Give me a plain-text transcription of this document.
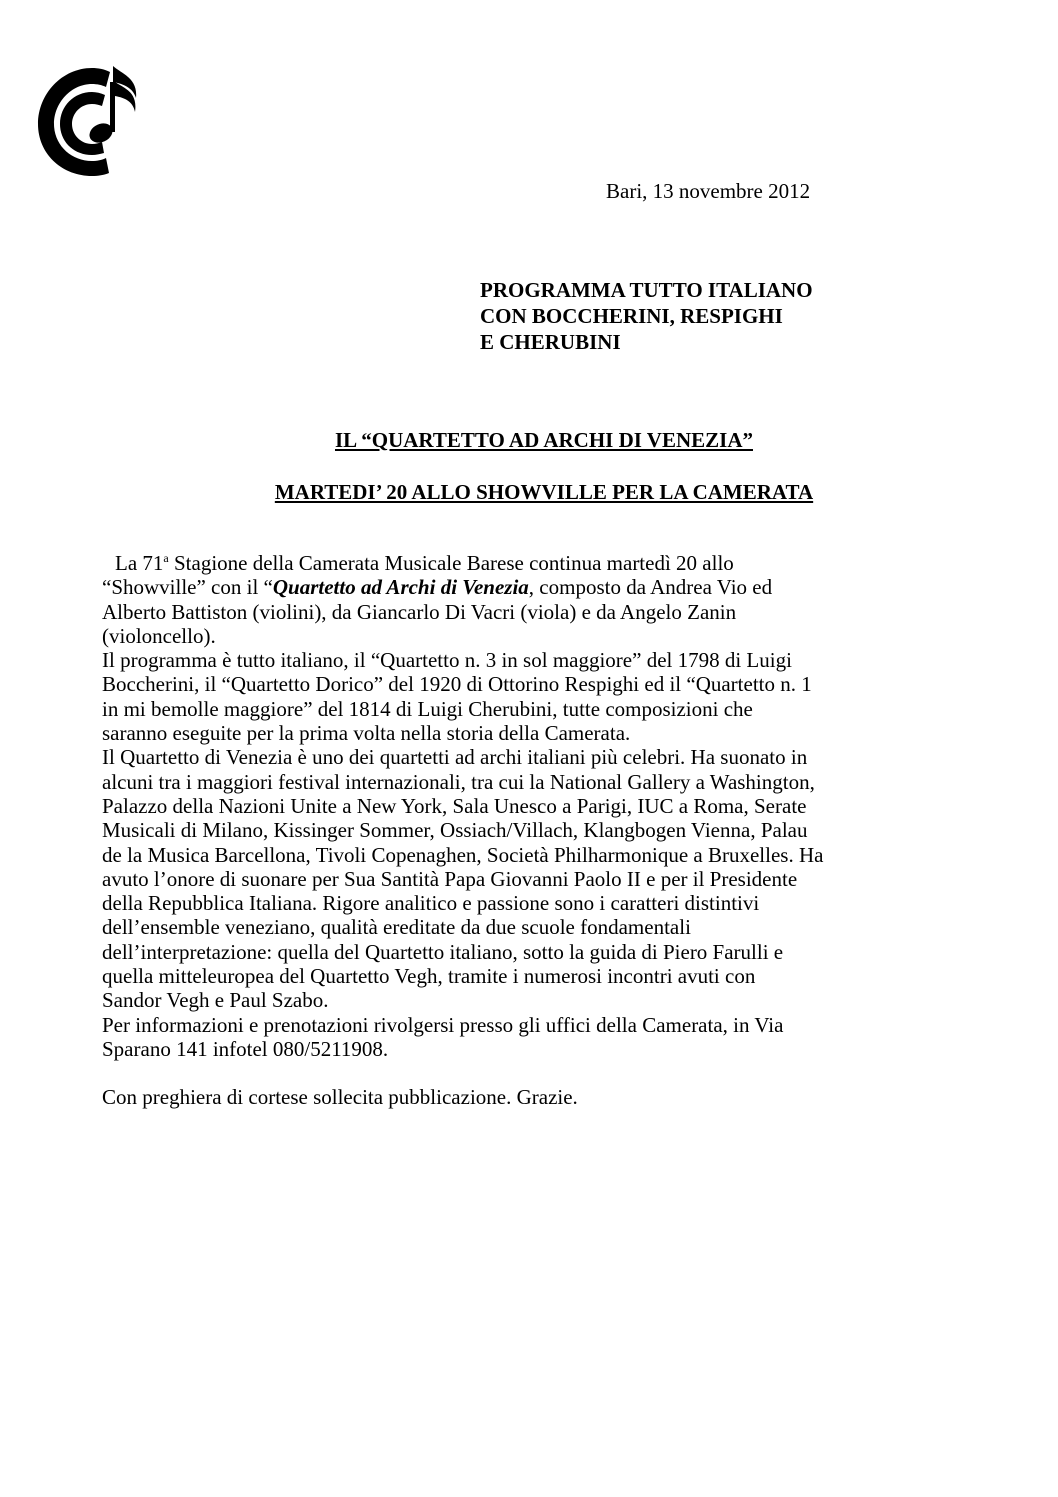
Bari, 13 novembre 2012
PROGRAMMA TUTTO ITALIANO
CON BOCCHERINI, RESPIGHI
E CHERUBINI
IL “QUARTETTO AD ARCHI DI VENEZIA”
MARTEDI’ 20 ALLO SHOWVILLE PER LA CAMERATA
La 71$^a$ Stagione della Camerata Musicale Barese continua martedì 20 allo
“Showville” con il “Quartetto ad Archi di Venezia, composto da Andrea Vio ed
Alberto Battiston (violini), da Giancarlo Di Vacri (viola) e da Angelo Zanin
(violoncello).
Il programma è tutto italiano, il “Quartetto n. 3 in sol maggiore” del 1798 di Luigi
Boccherini, il “Quartetto Dorico” del 1920 di Ottorino Respighi ed il “Quartetto n. 1
in mi bemolle maggiore” del 1814 di Luigi Cherubini, tutte composizioni che
saranno eseguite per la prima volta nella storia della Camerata.
Il Quartetto di Venezia è uno dei quartetti ad archi italiani più celebri. Ha suonato in
alcuni tra i maggiori festival internazionali, tra cui la National Gallery a Washington,
Palazzo della Nazioni Unite a New York, Sala Unesco a Parigi, IUC a Roma, Serate
Musicali di Milano, Kissinger Sommer, Ossiach/Villach, Klangbogen Vienna, Palau
de la Musica Barcellona, Tivoli Copenaghen, Società Philharmonique a Bruxelles. Ha
avuto l’onore di suonare per Sua Santità Papa Giovanni Paolo II e per il Presidente
della Repubblica Italiana. Rigore analitico e passione sono i caratteri distintivi
dell’ensemble veneziano, qualità ereditate da due scuole fondamentali
dell’interpretazione: quella del Quartetto italiano, sotto la guida di Piero Farulli e
quella mitteleuropea del Quartetto Vegh, tramite i numerosi incontri avuti con
Sandor Vegh e Paul Szabo.
Per informazioni e prenotazioni rivolgersi presso gli uffici della Camerata, in Via
Sparano 141 infotel 080/5211908.
Con preghiera di cortese sollecita pubblicazione. Grazie.
